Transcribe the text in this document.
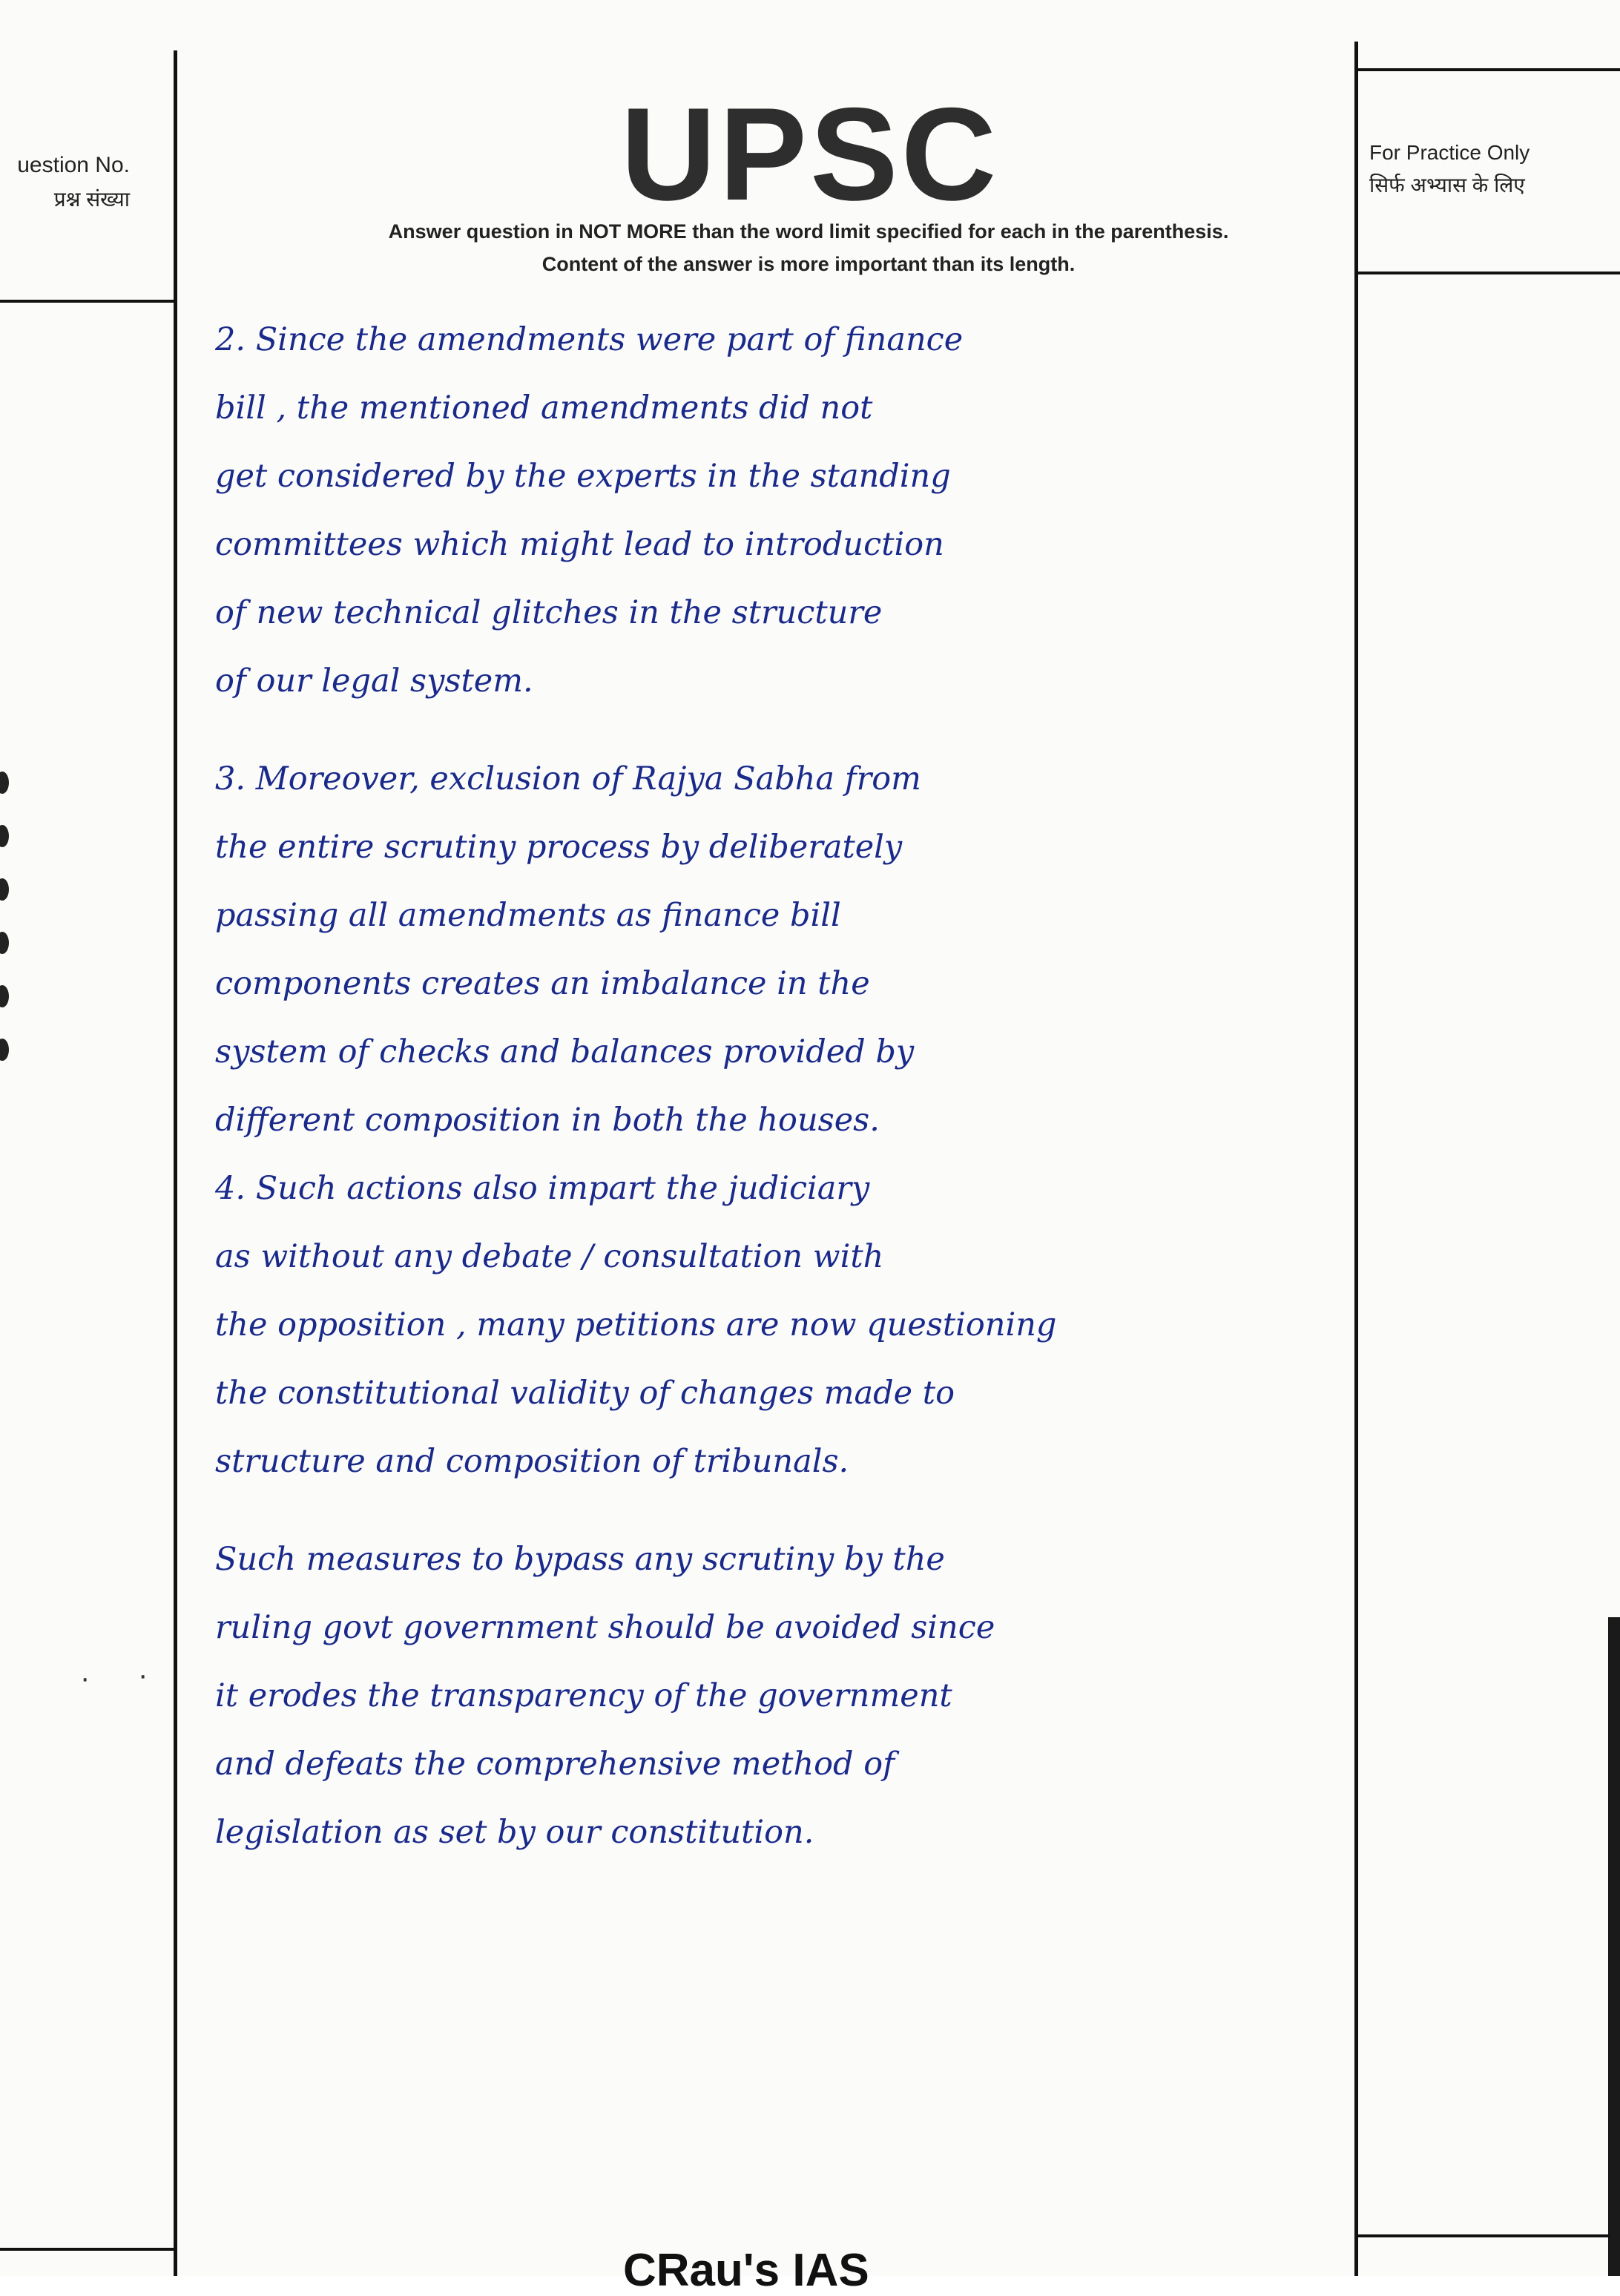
uestion No.
प्रश्न संख्या	UPSC
Answer question in NOT MORE than the word limit specified for each in the parenthesis.
Content of the answer is more important than its length.
For Practice Only
सिर्फ अभ्यास के लिए
· ·
2. Since the amendments were part of finance
bill , the mentioned amendments did not
get considered by the experts in the standing
committees which might lead to introduction
of new technical glitches in the structure
of our legal system.
3. Moreover, exclusion of Rajya Sabha from
the entire scrutiny process by deliberately
passing all amendments as finance bill
components creates an imbalance in the
system of checks and balances provided by
different composition in both the houses.
4. Such actions also impart the judiciary
as without any debate / consultation with
the opposition , many petitions are now questioning
the constitutional validity of changes made to
structure and composition of tribunals.
Such measures to bypass any scrutiny by the
ruling govt government should be avoided since
it erodes the transparency of the government
and defeats the comprehensive method of
legislation as set by our constitution.
CRau's IAS
